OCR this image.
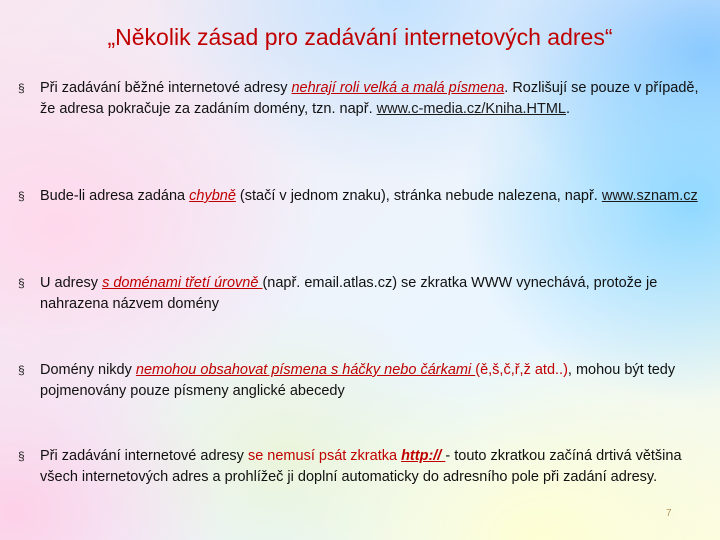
„Několik zásad pro zadávání internetových adres“
§ Při zadávání běžné internetové adresy nehrají roli velká a malá písmena. Rozlišují se pouze v případě, že adresa pokračuje za zadáním domény, tzn. např. www.c-media.cz/Kniha.HTML.
§ Bude-li adresa zadána chybně (stačí v jednom znaku), stránka nebude nalezena, např. www.sznam.cz
§ U adresy s doménami třetí úrovně (např. email.atlas.cz) se zkratka WWW vynechává, protože je nahrazena názvem domény
§ Domény nikdy nemohou obsahovat písmena s háčky nebo čárkami (ě,š,č,ř,ž atd..), mohou být tedy pojmenovány pouze písmeny anglické abecedy
§ Při zadávání internetové adresy se nemusí psát zkratka http:// - touto zkratkou začíná drtivá většina všech internetových adres a prohlížeč ji doplní automaticky do adresního pole při zadání adresy.
7
